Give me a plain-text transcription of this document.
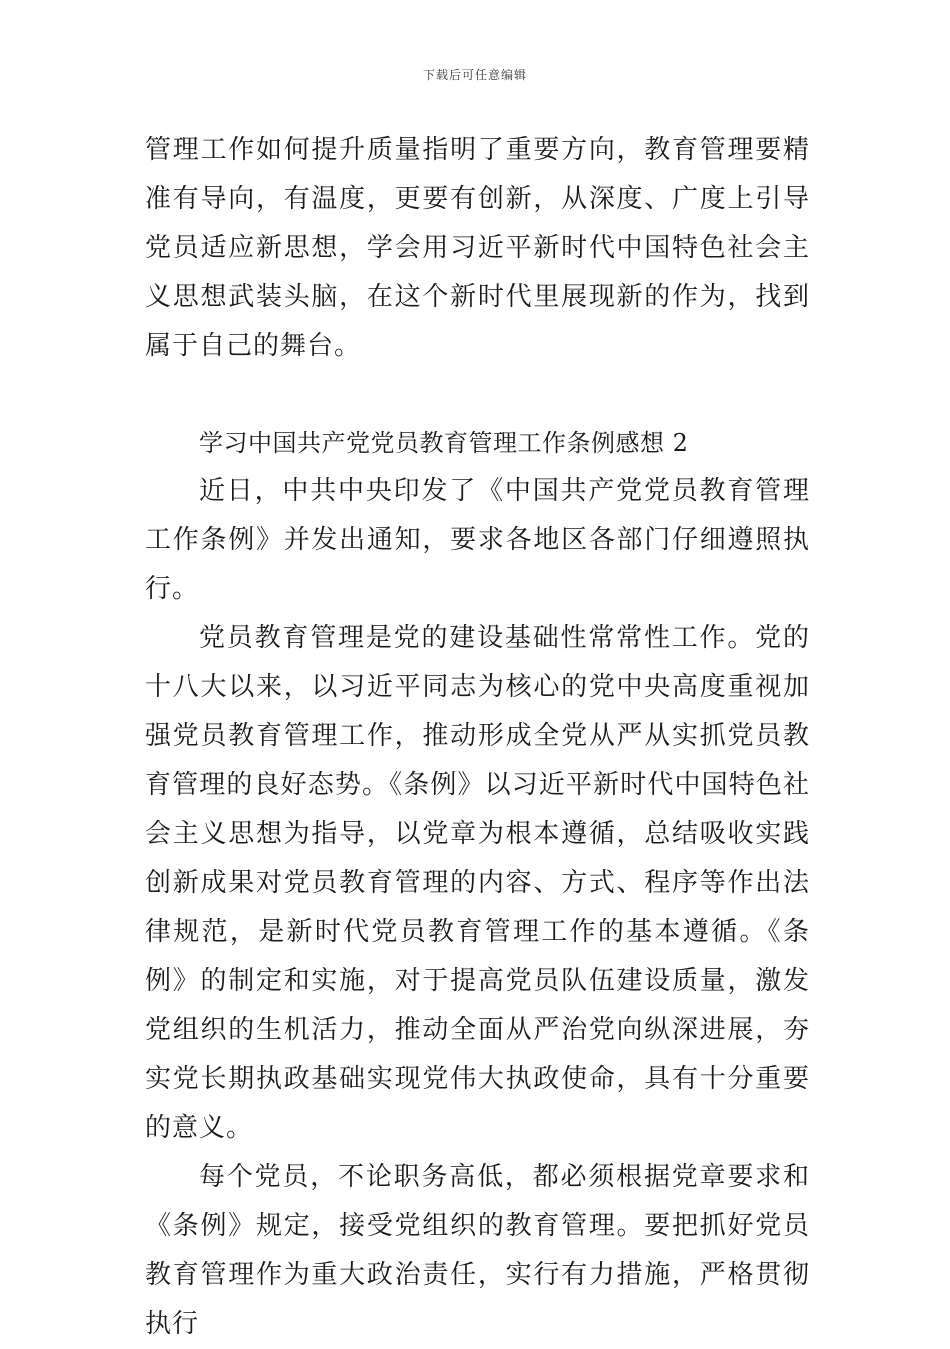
下载后可任意编辑

管理工作如何提升质量指明了重要方向，教育管理要精准有导向，有温度，更要有创新，从深度、广度上引导党员适应新思想，学会用习近平新时代中国特色社会主义思想武装头脑，在这个新时代里展现新的作为，找到属于自己的舞台。

学习中国共产党党员教育管理工作条例感想 2

近日，中共中央印发了《中国共产党党员教育管理工作条例》并发出通知，要求各地区各部门仔细遵照执行。

党员教育管理是党的建设基础性常常性工作。党的十八大以来，以习近平同志为核心的党中央高度重视加强党员教育管理工作，推动形成全党从严从实抓党员教育管理的良好态势。《条例》以习近平新时代中国特色社会主义思想为指导，以党章为根本遵循，总结吸收实践创新成果对党员教育管理的内容、方式、程序等作出法律规范，是新时代党员教育管理工作的基本遵循。《条例》的制定和实施，对于提高党员队伍建设质量，激发党组织的生机活力，推动全面从严治党向纵深进展，夯实党长期执政基础实现党伟大执政使命，具有十分重要的意义。

每个党员，不论职务高低，都必须根据党章要求和《条例》规定，接受党组织的教育管理。要把抓好党员教育管理作为重大政治责任，实行有力措施，严格贯彻执行
